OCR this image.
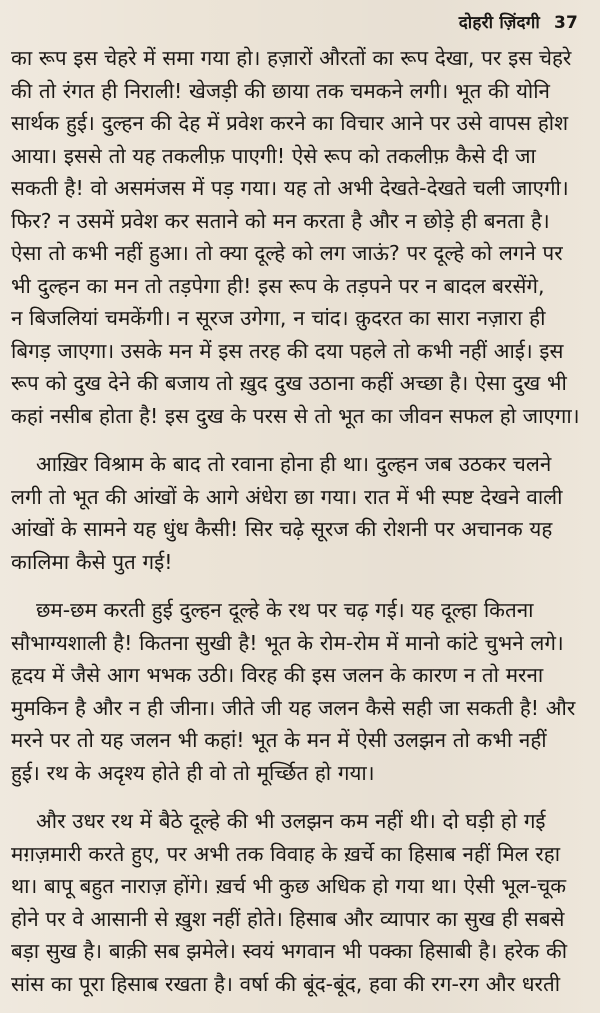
दोहरी ज़िंदगी 37
का रूप इस चेहरे में समा गया हो। हज़ारों औरतों का रूप देखा, पर इस चेहरे
की तो रंगत ही निराली! खेजड़ी की छाया तक चमकने लगी। भूत की योनि
सार्थक हुई। दुल्हन की देह में प्रवेश करने का विचार आने पर उसे वापस होश
आया। इससे तो यह तकलीफ़ पाएगी! ऐसे रूप को तकलीफ़ कैसे दी जा
सकती है! वो असमंजस में पड़ गया। यह तो अभी देखते-देखते चली जाएगी।
फिर? न उसमें प्रवेश कर सताने को मन करता है और न छोड़े ही बनता है।
ऐसा तो कभी नहीं हुआ। तो क्या दूल्हे को लग जाऊं? पर दूल्हे को लगने पर
भी दुल्हन का मन तो तड़पेगा ही! इस रूप के तड़पने पर न बादल बरसेंगे,
न बिजलियां चमकेंगी। न सूरज उगेगा, न चांद। क़ुदरत का सारा नज़ारा ही
बिगड़ जाएगा। उसके मन में इस तरह की दया पहले तो कभी नहीं आई। इस
रूप को दुख देने की बजाय तो ख़ुद दुख उठाना कहीं अच्छा है। ऐसा दुख भी
कहां नसीब होता है! इस दुख के परस से तो भूत का जीवन सफल हो जाएगा।
आख़िर विश्राम के बाद तो रवाना होना ही था। दुल्हन जब उठकर चलने
लगी तो भूत की आंखों के आगे अंधेरा छा गया। रात में भी स्पष्ट देखने वाली
आंखों के सामने यह धुंध कैसी! सिर चढ़े सूरज की रोशनी पर अचानक यह
कालिमा कैसे पुत गई!
छम-छम करती हुई दुल्हन दूल्हे के रथ पर चढ़ गई। यह दूल्हा कितना
सौभाग्यशाली है! कितना सुखी है! भूत के रोम-रोम में मानो कांटे चुभने लगे।
हृदय में जैसे आग भभक उठी। विरह की इस जलन के कारण न तो मरना
मुमकिन है और न ही जीना। जीते जी यह जलन कैसे सही जा सकती है! और
मरने पर तो यह जलन भी कहां! भूत के मन में ऐसी उलझन तो कभी नहीं
हुई। रथ के अदृश्य होते ही वो तो मूर्च्छित हो गया।
और उधर रथ में बैठे दूल्हे की भी उलझन कम नहीं थी। दो घड़ी हो गई
मग़ज़मारी करते हुए, पर अभी तक विवाह के ख़र्चे का हिसाब नहीं मिल रहा
था। बापू बहुत नाराज़ होंगे। ख़र्च भी कुछ अधिक हो गया था। ऐसी भूल-चूक
होने पर वे आसानी से ख़ुश नहीं होते। हिसाब और व्यापार का सुख ही सबसे
बड़ा सुख है। बाक़ी सब झमेले। स्वयं भगवान भी पक्का हिसाबी है। हरेक की
सांस का पूरा हिसाब रखता है। वर्षा की बूंद-बूंद, हवा की रग-रग और धरती
